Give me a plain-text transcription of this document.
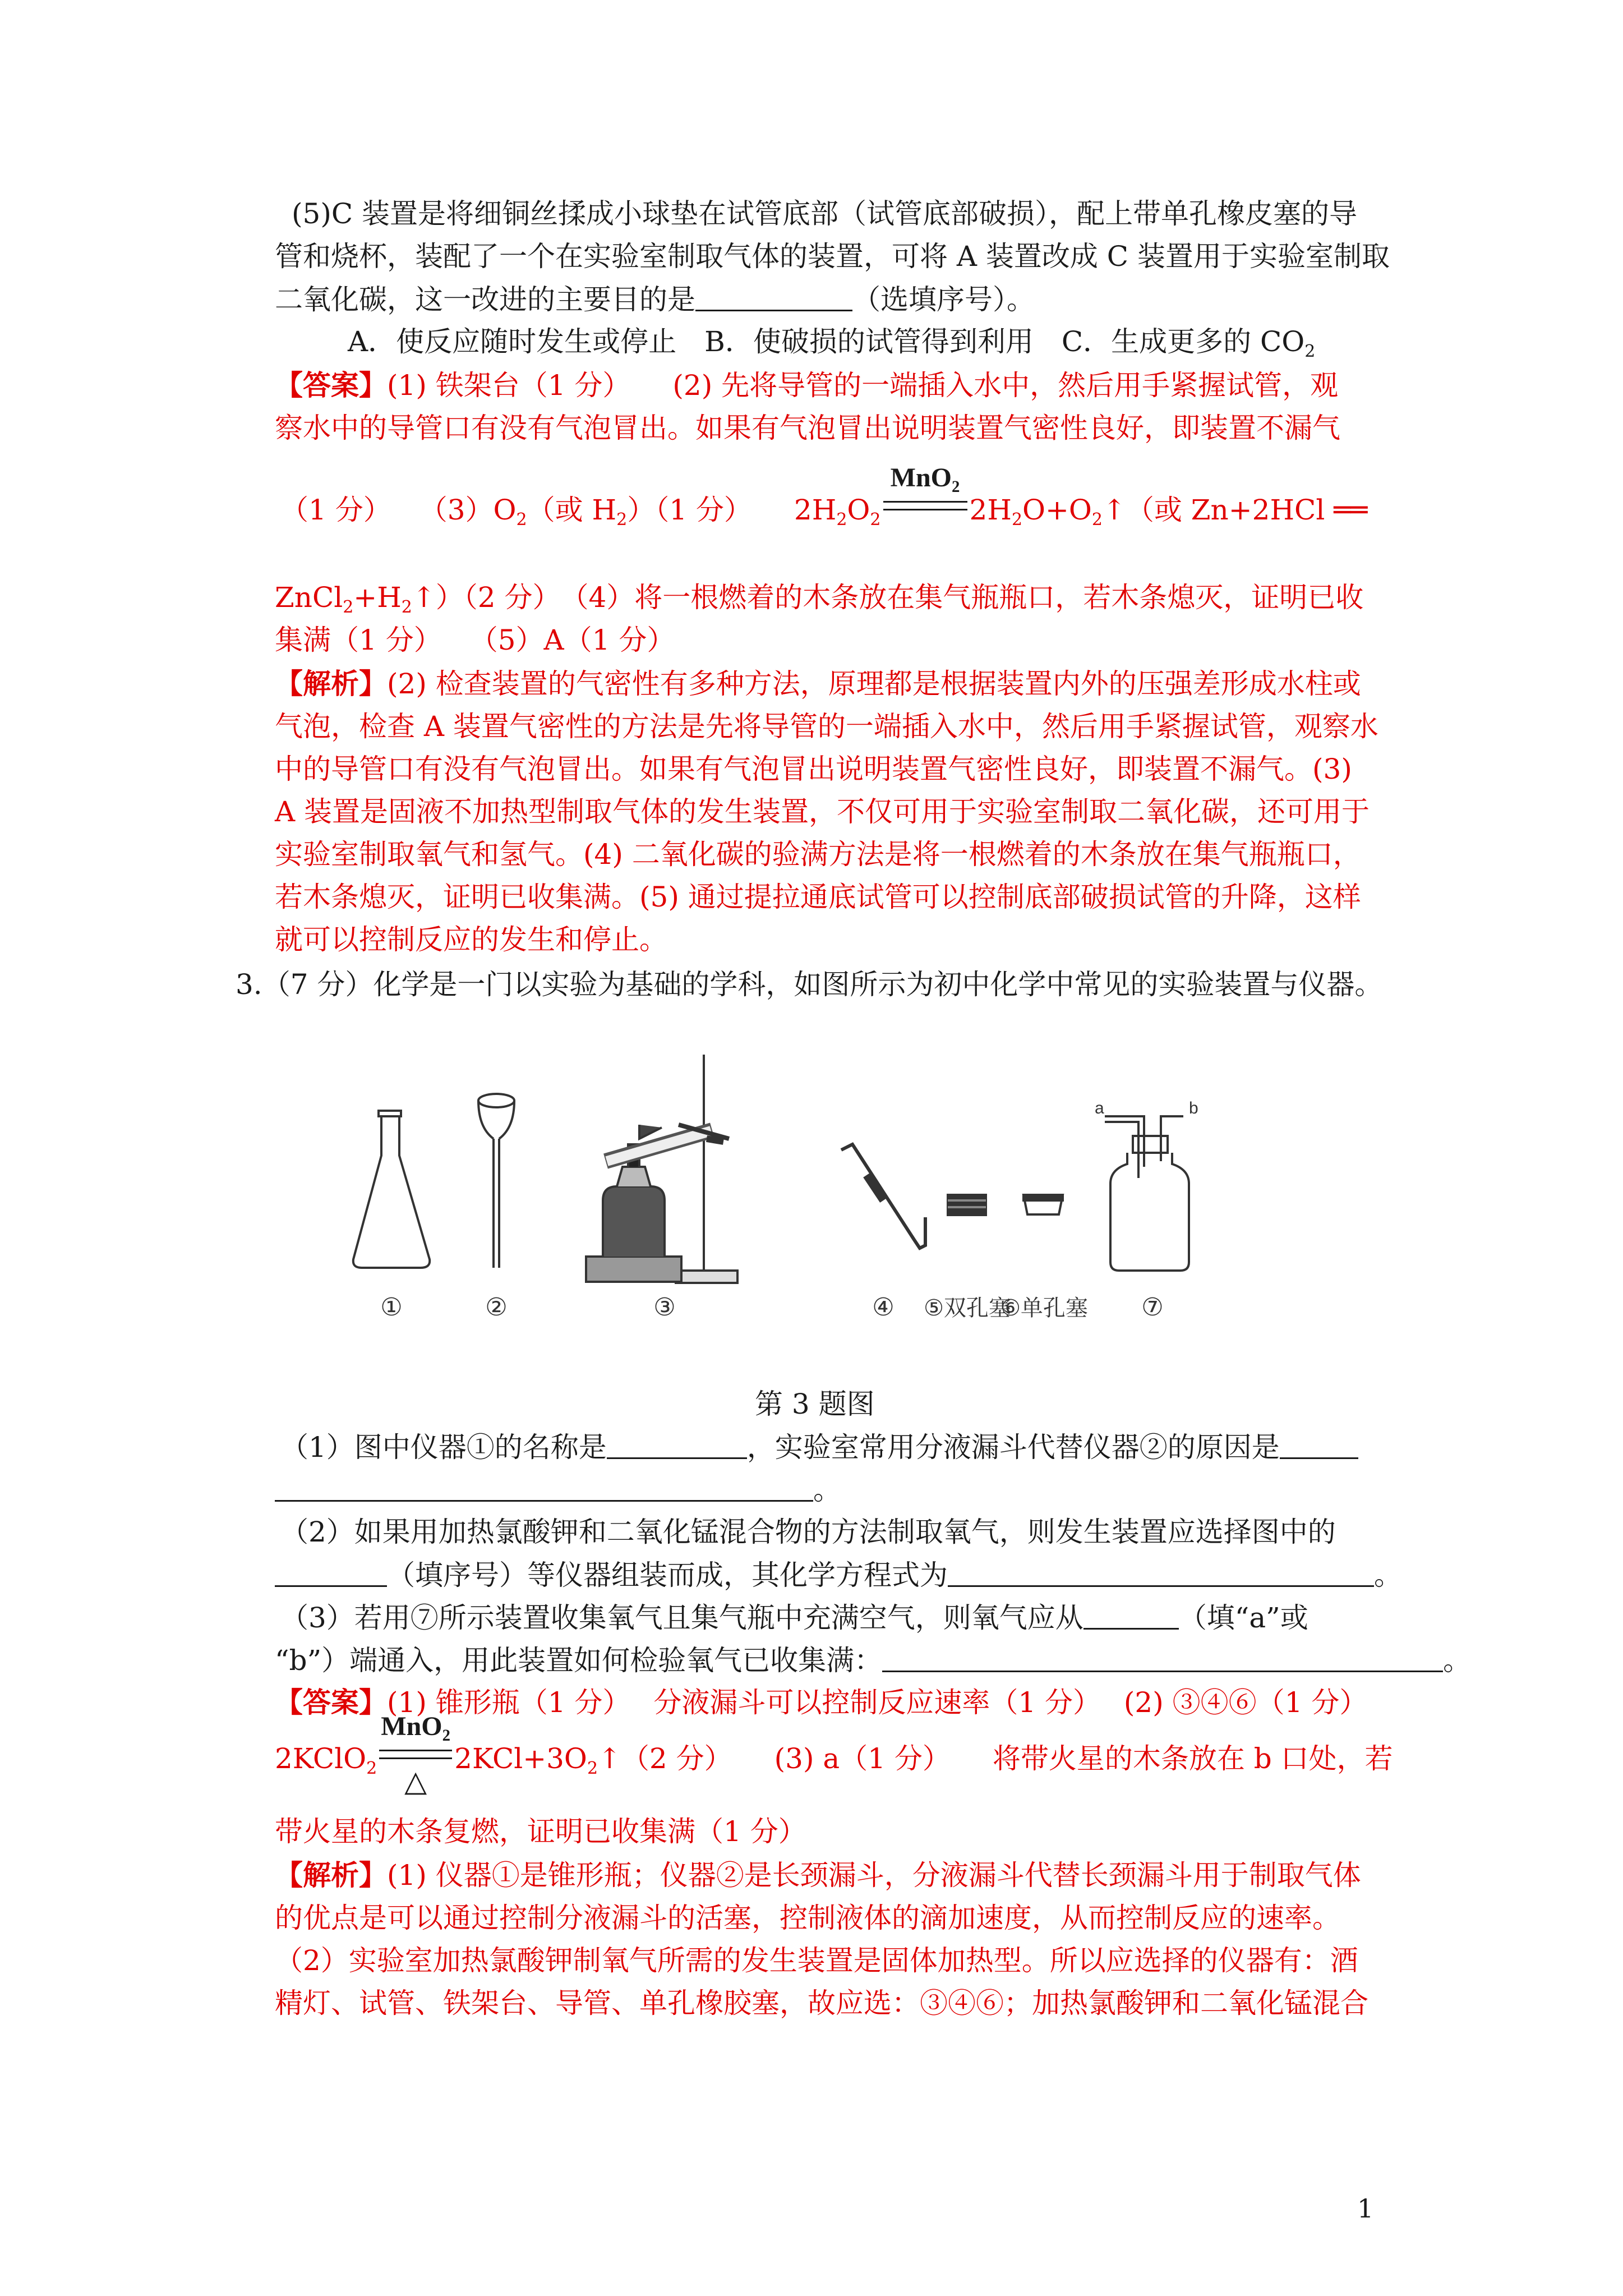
(5)C 装置是将细铜丝揉成小球垫在试管底部（试管底部破损），配上带单孔橡皮塞的导
管和烧杯，装配了一个在实验室制取气体的装置，可将 A 装置改成 C 装置用于实验室制取
二氧化碳，这一改进的主要目的是	（选填序号）。
A．使反应随时发生或停止　B．使破损的试管得到利用　C．生成更多的 $CO_2$
【答案】(1) 铁架台（1 分）　　(2) 先将导管的一端插入水中，然后用手紧握试管，观
察水中的导管口有没有气泡冒出。如果有气泡冒出说明装置气密性良好，即装置不漏气
（1 分）　　$(3)O_2$（或 $H_2)(1$ 分）　　$2H_2O_2$
MnO₂
$2H_2O+O_2↑$（或 Zn+2HCl ══
$ZnCl_2+H_2↑)(2$ 分）　（4）将一根燃着的木条放在集气瓶瓶口，若木条熄灭，证明已收
集满（1 分）　　（5）A（1 分）
【解析】(2) 检查装置的气密性有多种方法，原理都是根据装置内外的压强差形成水柱或
气泡，检查 A 装置气密性的方法是先将导管的一端插入水中，然后用手紧握试管，观察水
中的导管口有没有气泡冒出。如果有气泡冒出说明装置气密性良好，即装置不漏气。(3)
A 装置是固液不加热型制取气体的发生装置，不仅可用于实验室制取二氧化碳，还可用于
实验室制取氧气和氢气。(4) 二氧化碳的验满方法是将一根燃着的木条放在集气瓶瓶口，
若木条熄灭，证明已收集满。(5) 通过提拉通底试管可以控制底部破损试管的升降，这样
就可以控制反应的发生和停止。
3.（7 分）化学是一门以实验为基础的学科，如图所示为初中化学中常见的实验装置与仪器。
a	b
①	②	③	④ ⑤双孔塞
⑥单孔塞 ⑦
第 3 题图
（1）图中仪器①的名称是	，实验室常用分液漏斗代替仪器②的原因是
。
（2）如果用加热氯酸钾和二氧化锰混合物的方法制取氧气，则发生装置应选择图中的
（填序号）等仪器组装而成，其化学方程式为	。
（3）若用⑦所示装置收集氧气且集气瓶中充满空气，则氧气应从	（填“a”或
“b”）端通入，用此装置如何检验氧气已收集满：	。
【答案】(1) 锥形瓶（1 分）　 分液漏斗可以控制反应速率（1 分）　 (2) ③④⑥（1 分）
2KClO$_2$
MnO₂
△
$2KCl+3O_2↑(2$ 分）　　(3) a（1 分）　　将带火星的木条放在 b 口处，若
带火星的木条复燃，证明已收集满（1 分）
【解析】(1) 仪器①是锥形瓶；仪器②是长颈漏斗，分液漏斗代替长颈漏斗用于制取气体
的优点是可以通过控制分液漏斗的活塞，控制液体的滴加速度，从而控制反应的速率。
（2）实验室加热氯酸钾制氧气所需的发生装置是固体加热型。所以应选择的仪器有：酒
精灯、试管、铁架台、导管、单孔橡胶塞，故应选：③④⑥；加热氯酸钾和二氧化锰混合
1
